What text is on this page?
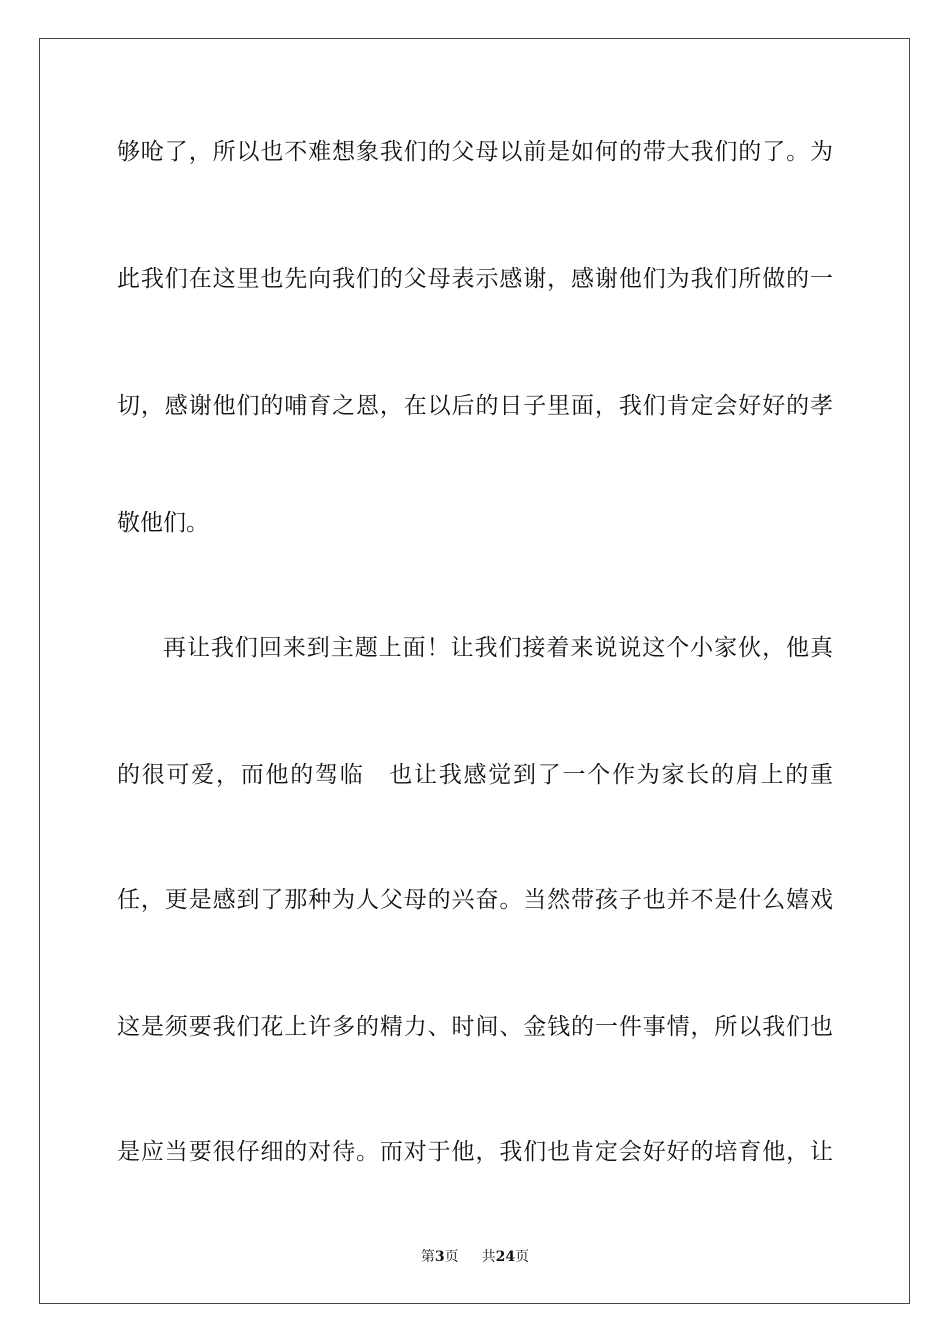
够呛了，所以也不难想象我们的父母以前是如何的带大我们的了。为
此我们在这里也先向我们的父母表示感谢，感谢他们为我们所做的一
切，感谢他们的哺育之恩，在以后的日子里面，我们肯定会好好的孝
敬他们。
再让我们回来到主题上面！让我们接着来说说这个小家伙，他真
的很可爱，而他的驾临　也让我感觉到了一个作为家长的肩上的重
任，更是感到了那种为人父母的兴奋。当然带孩子也并不是什么嬉戏
这是须要我们花上许多的精力、时间、金钱的一件事情，所以我们也
是应当要很仔细的对待。而对于他，我们也肯定会好好的培育他，让
第3页 共24页
